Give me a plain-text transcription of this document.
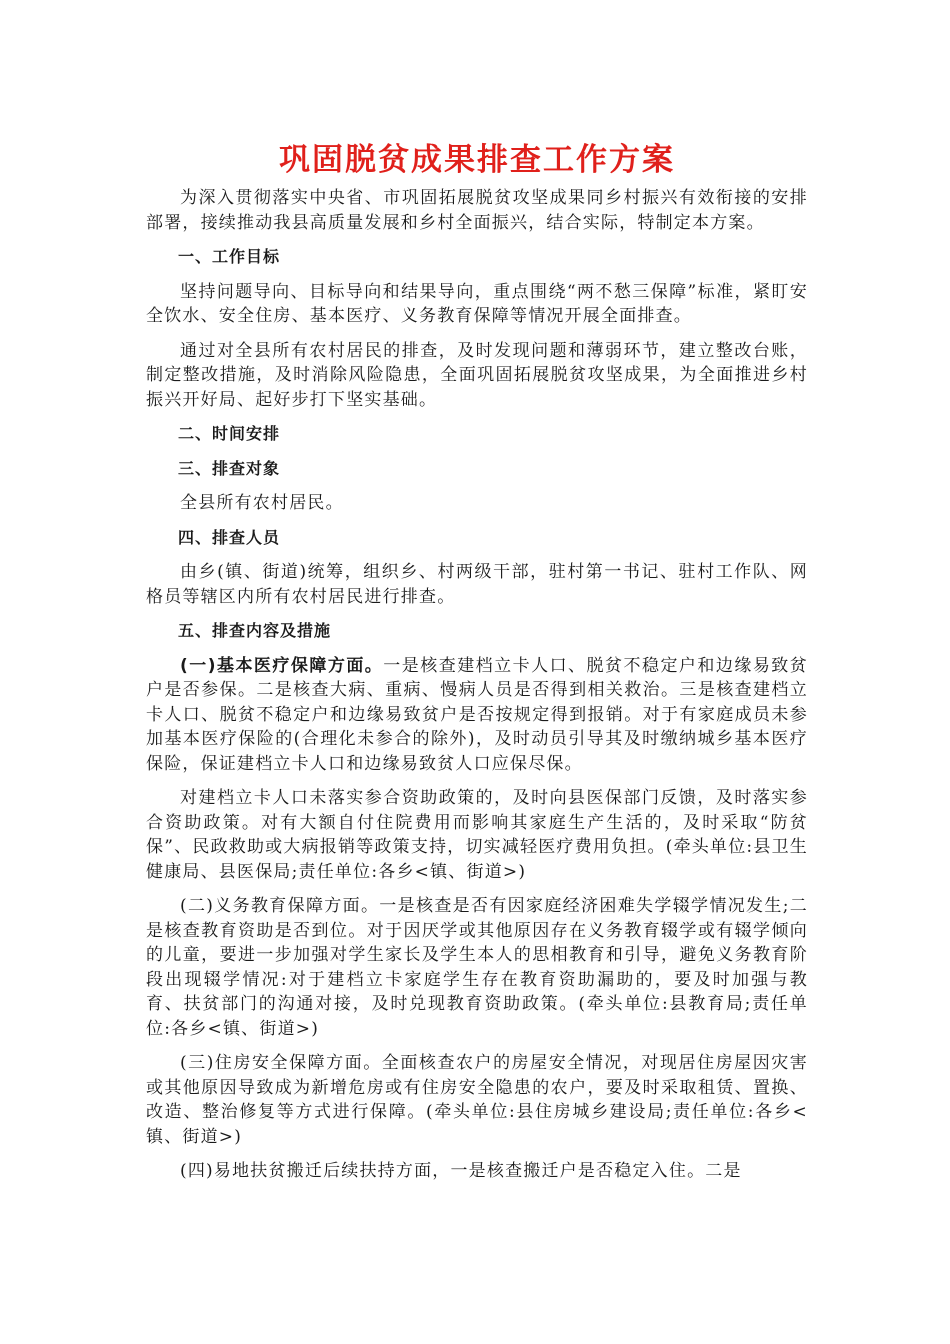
巩固脱贫成果排查工作方案

为深入贯彻落实中央省、市巩固拓展脱贫攻坚成果同乡村振兴有效衔接的安排部署，接续推动我县高质量发展和乡村全面振兴，结合实际，特制定本方案。

一、工作目标

坚持问题导向、目标导向和结果导向，重点围绕“两不愁三保障”标准，紧盯安全饮水、安全住房、基本医疗、义务教育保障等情况开展全面排查。

通过对全县所有农村居民的排查，及时发现问题和薄弱环节，建立整改台账，制定整改措施，及时消除风险隐患，全面巩固拓展脱贫攻坚成果，为全面推进乡村振兴开好局、起好步打下坚实基础。

二、时间安排

三、排查对象

全县所有农村居民。

四、排查人员

由乡(镇、街道)统筹，组织乡、村两级干部，驻村第一书记、驻村工作队、网格员等辖区内所有农村居民进行排查。

五、排查内容及措施

(一)基本医疗保障方面。一是核查建档立卡人口、脱贫不稳定户和边缘易致贫户是否参保。二是核查大病、重病、慢病人员是否得到相关救治。三是核查建档立卡人口、脱贫不稳定户和边缘易致贫户是否按规定得到报销。对于有家庭成员未参加基本医疗保险的(合理化未参合的除外)，及时动员引导其及时缴纳城乡基本医疗保险，保证建档立卡人口和边缘易致贫人口应保尽保。

对建档立卡人口未落实参合资助政策的，及时向县医保部门反馈，及时落实参合资助政策。对有大额自付住院费用而影响其家庭生产生活的，及时采取“防贫保”、民政救助或大病报销等政策支持，切实减轻医疗费用负担。(牵头单位:县卫生健康局、县医保局;责任单位:各乡<镇、街道>)

(二)义务教育保障方面。一是核查是否有因家庭经济困难失学辍学情况发生;二是核查教育资助是否到位。对于因厌学或其他原因存在义务教育辍学或有辍学倾向的儿童，要进一步加强对学生家长及学生本人的思相教育和引导，避免义务教育阶段出现辍学情况:对于建档立卡家庭学生存在教育资助漏助的，要及时加强与教育、扶贫部门的沟通对接，及时兑现教育资助政策。(牵头单位:县教育局;责任单位:各乡<镇、街道>)

(三)住房安全保障方面。全面核查农户的房屋安全情况，对现居住房屋因灾害或其他原因导致成为新增危房或有住房安全隐患的农户，要及时采取租赁、置换、改造、整治修复等方式进行保障。(牵头单位:县住房城乡建设局;责任单位:各乡<镇、街道>)

(四)易地扶贫搬迁后续扶持方面，一是核查搬迁户是否稳定入住。二是
